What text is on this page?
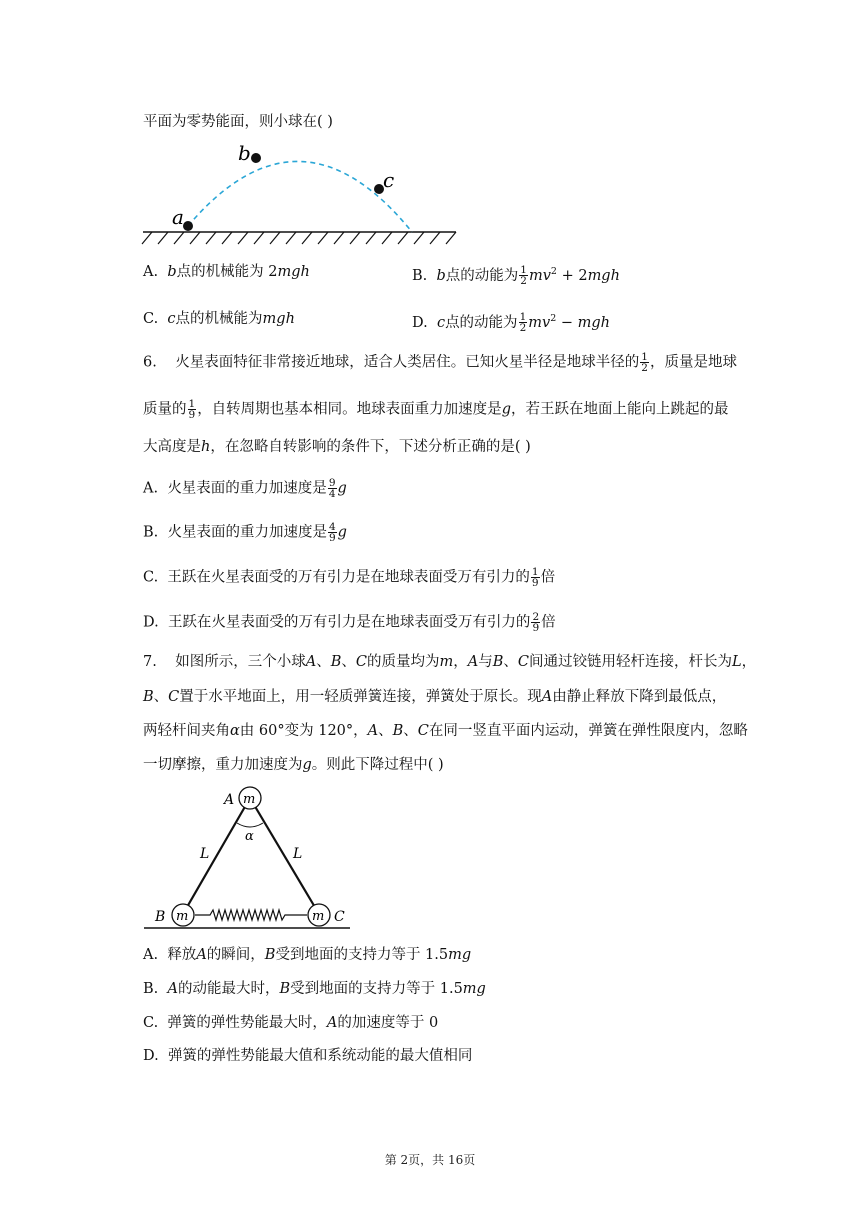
平面为零势能面，则小球在( )
a
b
c
A. b点的机械能为 2mgh	B. b点的动能为 $\frac{1}{2} mv^2 + 2mgh$
C. c点的机械能为mgh	D. c点的动能为 $\frac{1}{2} mv^2$ − mgh
6. 火星表面特征非常接近地球，适合人类居住。已知火星半径是地球半径的 $\frac{1}{2}$ ，质量是地球
质量的 $\frac{1}{9}$ ，自转周期也基本相同。地球表面重力加速度是g，若王跃在地面上能向上跳起的最
大高度是h，在忽略自转影响的条件下，下述分析正确的是( )
A. 火星表面的重力加速度是 $\frac{9}{4}$ g
B. 火星表面的重力加速度是 $\frac{4}{9}$ g
C. 王跃在火星表面受的万有引力是在地球表面受万有引力的 $\frac{1}{9}$ 倍
D. 王跃在火星表面受的万有引力是在地球表面受万有引力的 $\frac{2}{9}$ 倍
7. 如图所示，三个小球A、B、C的质量均为m，A与B、C间通过铰链用轻杆连接，杆长为L，
B、C置于水平地面上，用一轻质弹簧连接，弹簧处于原长。现A由静止释放下降到最低点，
两轻杆间夹角α由 60°变为 120°，A、B、C在同一竖直平面内运动，弹簧在弹性限度内，忽略
一切摩擦，重力加速度为g。则此下降过程中( )
m
m	m
A
B	C
α
L	L
A. 释放A的瞬间，B受到地面的支持力等于 1.5mg
B. A的动能最大时，B受到地面的支持力等于 1.5mg
C. 弹簧的弹性势能最大时，A的加速度等于 0
D. 弹簧的弹性势能最大值和系统动能的最大值相同
第 2页，共 16页
